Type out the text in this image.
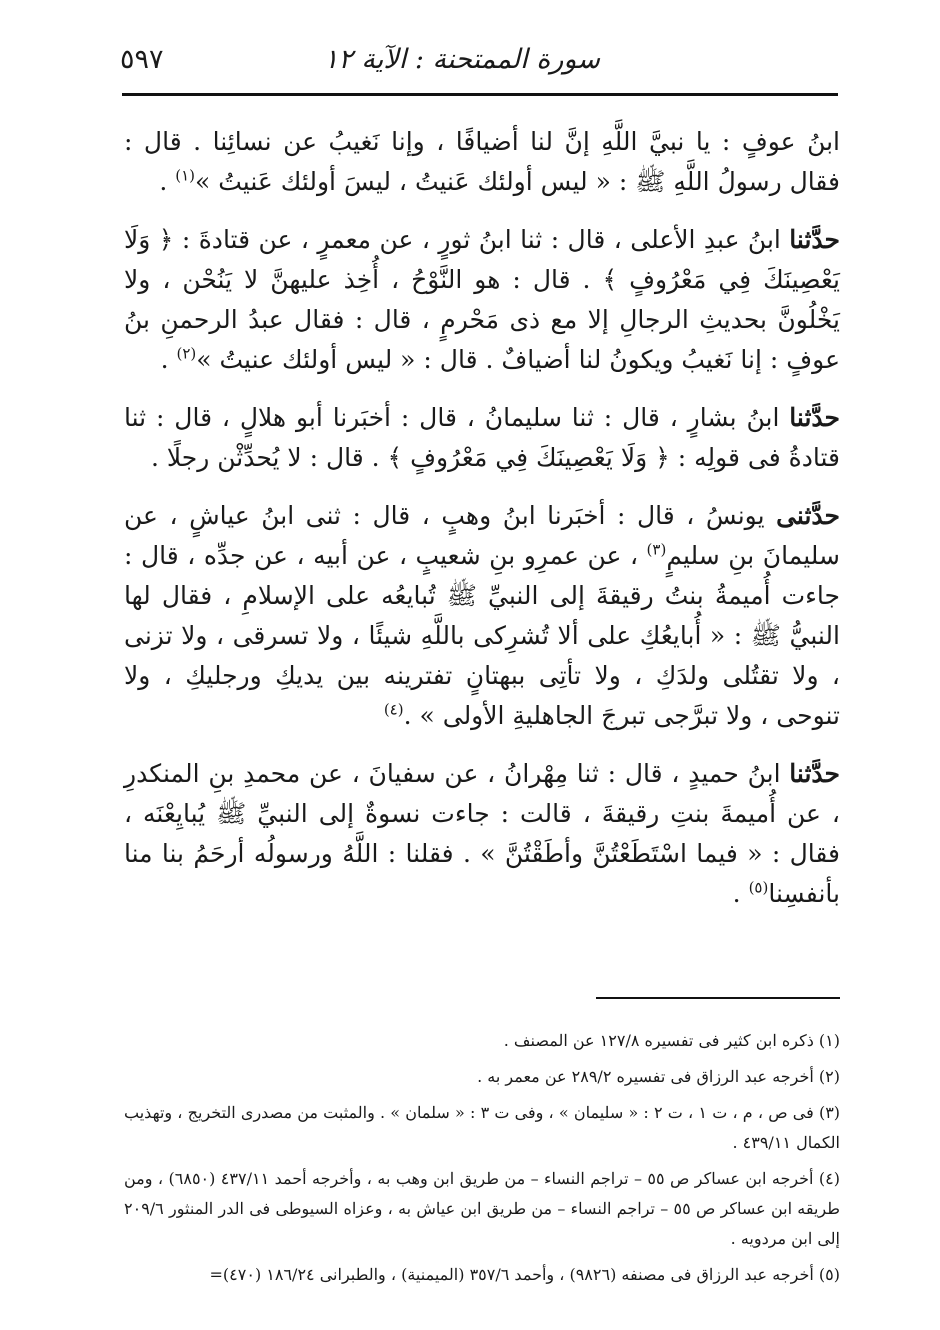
سورة الممتحنة : الآية ١٢
٥٩٧

ابنُ عوفٍ : يا نبيَّ اللَّهِ إنَّ لنا أضيافًا ، وإنا نَغيبُ عن نسائِنا . قال : فقال رسولُ اللَّهِ ﷺ : « ليس أولئك عَنيتُ ، ليسَ أولئك عَنيتُ »$^{(١)}$ .

حدَّثنا ابنُ عبدِ الأعلى ، قال : ثنا ابنُ ثورٍ ، عن معمرٍ ، عن قتادةَ : ﴿ وَلَا يَعْصِينَكَ فِي مَعْرُوفٍ ﴾ . قال : هو النَّوْحُ ، أُخِذ عليهنَّ لا يَنُحْن ، ولا يَخْلُونَّ بحديثِ الرجالِ إلا مع ذى مَحْرمٍ ، قال : فقال عبدُ الرحمنِ بنُ عوفٍ : إنا نَغيبُ ويكونُ لنا أضيافٌ . قال : « ليس أولئك عنيتُ »$^{(٢)}$ .

حدَّثنا ابنُ بشارٍ ، قال : ثنا سليمانُ ، قال : أخبَرنا أبو هلالٍ ، قال : ثنا قتادةُ فى قولِه : ﴿ وَلَا يَعْصِينَكَ فِي مَعْرُوفٍ ﴾ . قال : لا يُحدِّثْن رجلًا .

حدَّثنى يونسُ ، قال : أخبَرنا ابنُ وهبٍ ، قال : ثنى ابنُ عياشٍ ، عن سليمانَ بنِ سليمٍ$^{(٣)}$ ، عن عمرِو بنِ شعيبٍ ، عن أبيه ، عن جدِّه ، قال : جاءت أُميمةُ بنتُ رقيقةَ إلى النبيِّ ﷺ تُبايعُه على الإسلامِ ، فقال لها النبيُّ ﷺ : « أُبايعُكِ على ألا تُشرِكى باللَّهِ شيئًا ، ولا تسرقى ، ولا تزنى ، ولا تقتُلى ولدَكِ ، ولا تأتِى ببهتانٍ تفترينه بين يديكِ ورجليكِ ، ولا تنوحى ، ولا تبرَّجى تبرجَ الجاهليةِ الأولى » .$^{(٤)}$

حدَّثنا ابنُ حميدٍ ، قال : ثنا مِهْرانُ ، عن سفيانَ ، عن محمدِ بنِ المنكدرِ ، عن أُميمةَ بنتِ رقيقةَ ، قالت : جاءت نسوةٌ إلى النبيِّ ﷺ يُبايِعْنَه ، فقال : « فيما اسْتَطَعْتُنَّ وأطَقْتُنَّ » . فقلنا : اللَّهُ ورسولُه أرحَمُ بنا منا بأنفسِنا$^{(٥)}$ .

(١) ذكره ابن كثير فى تفسيره ١٢٧/٨ عن المصنف .

(٢) أخرجه عبد الرزاق فى تفسيره ٢٨٩/٢ عن معمر به .

(٣) فى ص ، م ، ت ١ ، ت ٢ : « سليمان » ، وفى ت ٣ : « سلمان » . والمثبت من مصدرى التخريج ، وتهذيب الكمال ٤٣٩/١١ .

(٤) أخرجه ابن عساكر ص ٥٥ – تراجم النساء – من طريق ابن وهب به ، وأخرجه أحمد ٤٣٧/١١ (٦٨٥٠) ، ومن طريقه ابن عساكر ص ٥٥ – تراجم النساء – من طريق ابن عياش به ، وعزاه السيوطى فى الدر المنثور ٢٠٩/٦ إلى ابن مردويه .

(٥) أخرجه عبد الرزاق فى مصنفه (٩٨٢٦) ، وأحمد ٣٥٧/٦ (الميمنية) ، والطبرانى ١٨٦/٢٤ (٤٧٠)=
